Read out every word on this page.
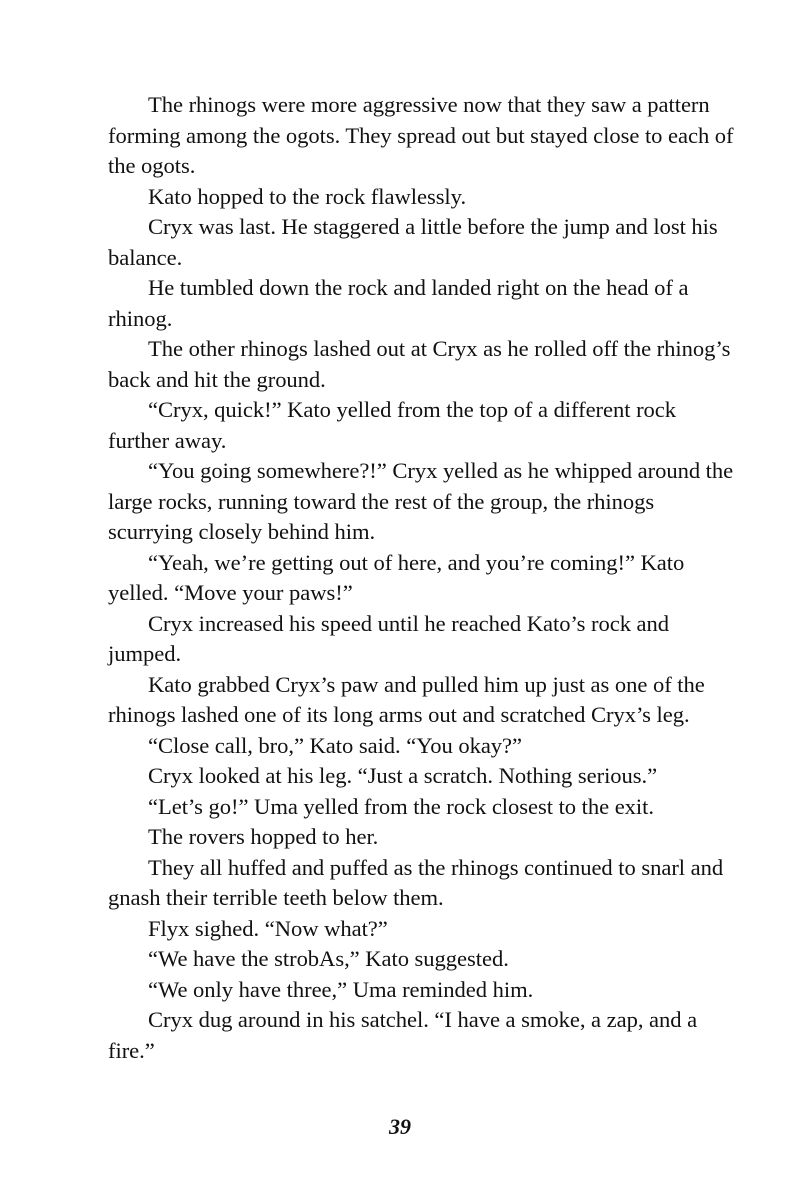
The rhinogs were more aggressive now that they saw a pattern forming among the ogots. They spread out but stayed close to each of the ogots.

Kato hopped to the rock flawlessly.

Cryx was last. He staggered a little before the jump and lost his balance.

He tumbled down the rock and landed right on the head of a rhinog.

The other rhinogs lashed out at Cryx as he rolled off the rhinog’s back and hit the ground.

“Cryx, quick!” Kato yelled from the top of a different rock further away.

“You going somewhere?!” Cryx yelled as he whipped around the large rocks, running toward the rest of the group, the rhinogs scurrying closely behind him.

“Yeah, we’re getting out of here, and you’re coming!” Kato yelled. “Move your paws!”

Cryx increased his speed until he reached Kato’s rock and jumped.

Kato grabbed Cryx’s paw and pulled him up just as one of the rhinogs lashed one of its long arms out and scratched Cryx’s leg.

“Close call, bro,” Kato said. “You okay?”

Cryx looked at his leg. “Just a scratch. Nothing serious.”

“Let’s go!” Uma yelled from the rock closest to the exit.

The rovers hopped to her.

They all huffed and puffed as the rhinogs continued to snarl and gnash their terrible teeth below them.

Flyx sighed. “Now what?”

“We have the strobAs,” Kato suggested.

“We only have three,” Uma reminded him.

Cryx dug around in his satchel. “I have a smoke, a zap, and a fire.”

39
